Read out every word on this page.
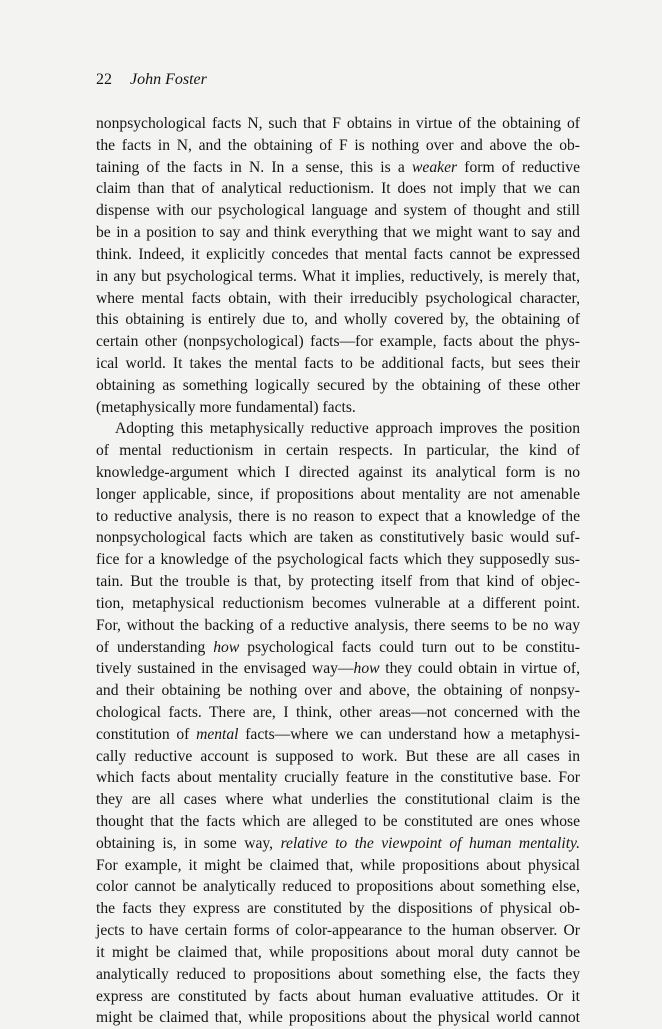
22 John Foster
nonpsychological facts N, such that F obtains in virtue of the obtaining of
the facts in N, and the obtaining of F is nothing over and above the ob-
taining of the facts in N. In a sense, this is a weaker form of reductive
claim than that of analytical reductionism. It does not imply that we can
dispense with our psychological language and system of thought and still
be in a position to say and think everything that we might want to say and
think. Indeed, it explicitly concedes that mental facts cannot be expressed
in any but psychological terms. What it implies, reductively, is merely that,
where mental facts obtain, with their irreducibly psychological character,
this obtaining is entirely due to, and wholly covered by, the obtaining of
certain other (nonpsychological) facts—for example, facts about the phys-
ical world. It takes the mental facts to be additional facts, but sees their
obtaining as something logically secured by the obtaining of these other
(metaphysically more fundamental) facts.
Adopting this metaphysically reductive approach improves the position
of mental reductionism in certain respects. In particular, the kind of
knowledge-argument which I directed against its analytical form is no
longer applicable, since, if propositions about mentality are not amenable
to reductive analysis, there is no reason to expect that a knowledge of the
nonpsychological facts which are taken as constitutively basic would suf-
fice for a knowledge of the psychological facts which they supposedly sus-
tain. But the trouble is that, by protecting itself from that kind of objec-
tion, metaphysical reductionism becomes vulnerable at a different point.
For, without the backing of a reductive analysis, there seems to be no way
of understanding how psychological facts could turn out to be constitu-
tively sustained in the envisaged way—how they could obtain in virtue of,
and their obtaining be nothing over and above, the obtaining of nonpsy-
chological facts. There are, I think, other areas—not concerned with the
constitution of mental facts—where we can understand how a metaphysi-
cally reductive account is supposed to work. But these are all cases in
which facts about mentality crucially feature in the constitutive base. For
they are all cases where what underlies the constitutional claim is the
thought that the facts which are alleged to be constituted are ones whose
obtaining is, in some way, relative to the viewpoint of human mentality.
For example, it might be claimed that, while propositions about physical
color cannot be analytically reduced to propositions about something else,
the facts they express are constituted by the dispositions of physical ob-
jects to have certain forms of color-appearance to the human observer. Or
it might be claimed that, while propositions about moral duty cannot be
analytically reduced to propositions about something else, the facts they
express are constituted by facts about human evaluative attitudes. Or it
might be claimed that, while propositions about the physical world cannot
